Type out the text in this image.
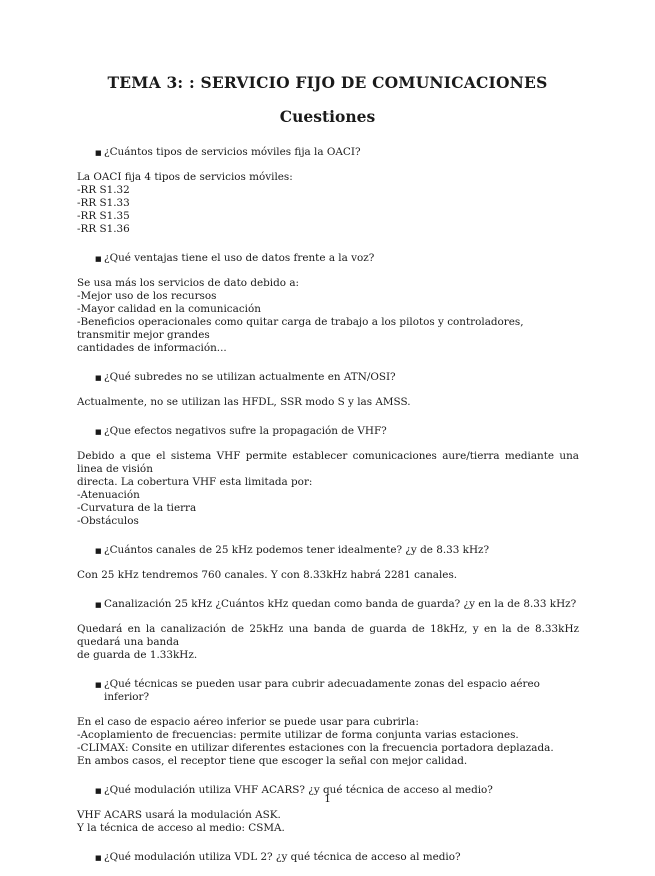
TEMA 3: : SERVICIO FIJO DE COMUNICACIONES
Cuestiones
■ ¿Cuántos tipos de servicios móviles fija la OACI?
La OACI fija 4 tipos de servicios móviles:
-RR S1.32
-RR S1.33
-RR S1.35
-RR S1.36
■ ¿Qué ventajas tiene el uso de datos frente a la voz?
Se usa más los servicios de dato debido a:
-Mejor uso de los recursos
-Mayor calidad en la comunicación
-Beneficios operacionales como quitar carga de trabajo a los pilotos y controladores, transmitir mejor grandes
cantidades de información...
■ ¿Qué subredes no se utilizan actualmente en ATN/OSI?
Actualmente, no se utilizan las HFDL, SSR modo S y las AMSS.
■ ¿Que efectos negativos sufre la propagación de VHF?
Debido a que el sistema VHF permite establecer comunicaciones aure/tierra mediante una linea de visión
directa. La cobertura VHF esta limitada por:
-Atenuación
-Curvatura de la tierra
-Obstáculos
■ ¿Cuántos canales de 25 kHz podemos tener idealmente? ¿y de 8.33 kHz?
Con 25 kHz tendremos 760 canales. Y con 8.33kHz habrá 2281 canales.
■ Canalización 25 kHz ¿Cuántos kHz quedan como banda de guarda? ¿y en la de 8.33 kHz?
Quedará en la canalización de 25kHz una banda de guarda de 18kHz, y en la de 8.33kHz quedará una banda
de guarda de 1.33kHz.
■ ¿Qué técnicas se pueden usar para cubrir adecuadamente zonas del espacio aéreo inferior?
En el caso de espacio aéreo inferior se puede usar para cubrirla:
-Acoplamiento de frecuencias: permite utilizar de forma conjunta varias estaciones.
-CLIMAX: Consite en utilizar diferentes estaciones con la frecuencia portadora deplazada.
En ambos casos, el receptor tiene que escoger la señal con mejor calidad.
■ ¿Qué modulación utiliza VHF ACARS? ¿y qué técnica de acceso al medio?
VHF ACARS usará la modulación ASK.
Y la técnica de acceso al medio: CSMA.
■ ¿Qué modulación utiliza VDL 2? ¿y qué técnica de acceso al medio?
1
